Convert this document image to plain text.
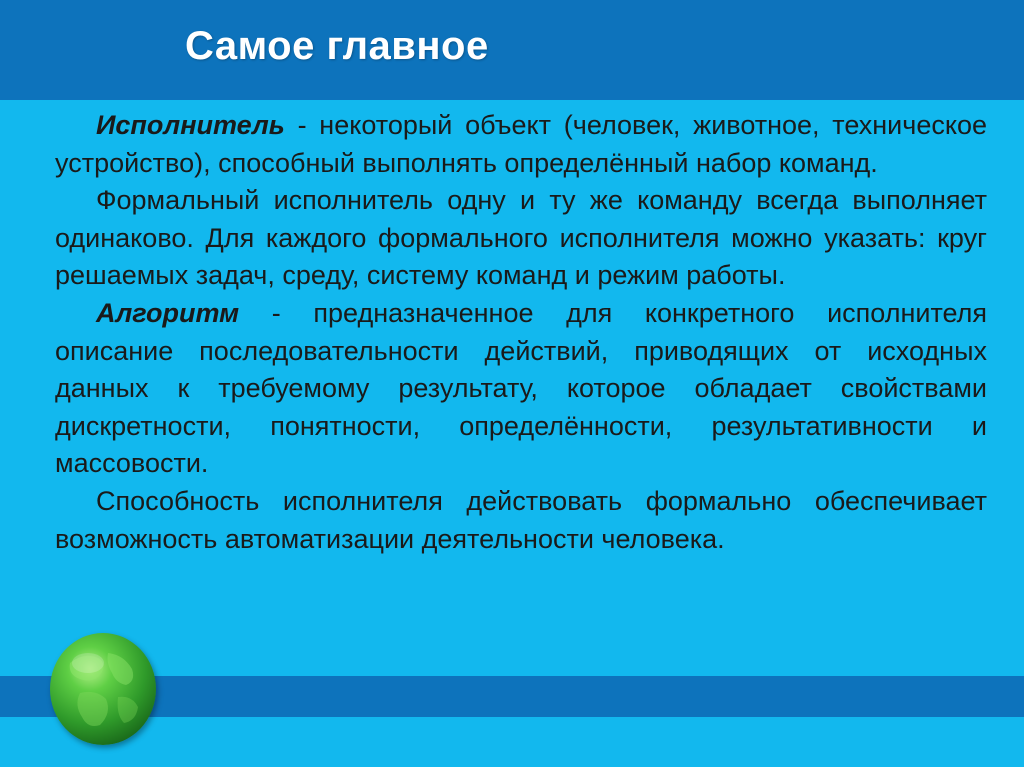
Самое главное

Исполнитель - некоторый объект (человек, животное, техническое устройство), способный выполнять определённый набор команд.

Формальный исполнитель одну и ту же команду всегда выполняет одинаково. Для каждого формального исполнителя можно указать: круг решаемых задач, среду, систему команд и режим работы.

Алгоритм - предназначенное для конкретного исполнителя описание последовательности действий, приводящих от исходных данных к требуемому результату, которое обладает свойствами дискретности, понятности, определённости, результативности и массовости.

Способность исполнителя действовать формально обеспечивает возможность автоматизации деятельности человека.
